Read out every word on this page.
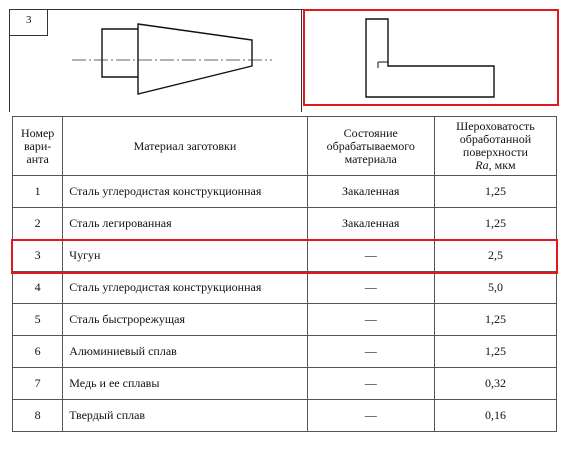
3
Номер
вари-
анта	Материал заготовки	Состояние
обрабатываемого
материала	Шероховатость
обработанной
поверхности
Ra, мкм
1	Сталь углеродистая конструкционная	Закаленная	1,25
2	Сталь легированная	Закаленная	1,25
3	Чугун	—	2,5
4	Сталь углеродистая конструкционная	—	5,0
5	Сталь быстрорежущая	—	1,25
6	Алюминиевый сплав	—	1,25
7	Медь и ее сплавы	—	0,32
8	Твердый сплав	—	0,16
